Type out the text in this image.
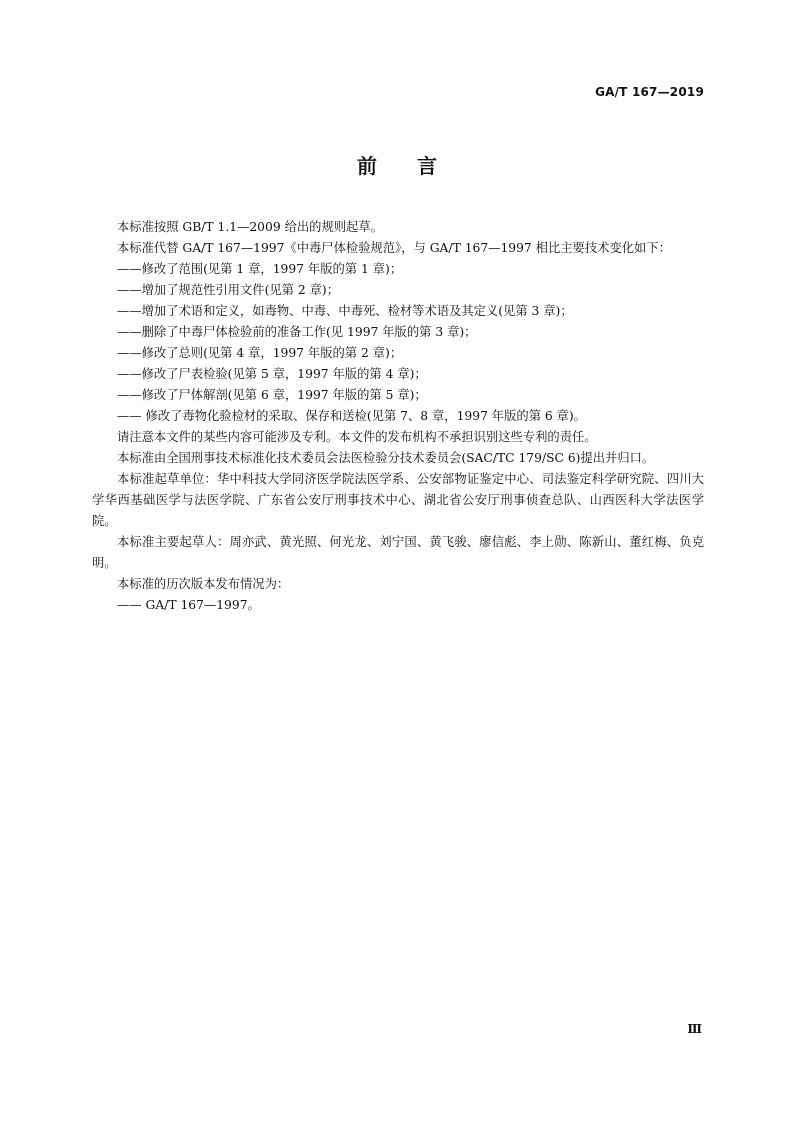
GA/T 167—2019
前言

本标准按照 GB/T 1.1—2009 给出的规则起草。

本标准代替 GA/T 167—1997《中毒尸体检验规范》，与 GA/T 167—1997 相比主要技术变化如下：

——修改了范围(见第 1 章，1997 年版的第 1 章)；

——增加了规范性引用文件(见第 2 章)；

——增加了术语和定义，如毒物、中毒、中毒死、检材等术语及其定义(见第 3 章)；

——删除了中毒尸体检验前的准备工作(见 1997 年版的第 3 章)；

——修改了总则(见第 4 章，1997 年版的第 2 章)；

——修改了尸表检验(见第 5 章，1997 年版的第 4 章)；

——修改了尸体解剖(见第 6 章，1997 年版的第 5 章)；

—— 修改了毒物化验检材的采取、保存和送检(见第 7、8 章，1997 年版的第 6 章)。

请注意本文件的某些内容可能涉及专利。本文件的发布机构不承担识别这些专利的责任。

本标准由全国刑事技术标准化技术委员会法医检验分技术委员会(SAC/TC 179/SC 6)提出并归口。

本标准起草单位：华中科技大学同济医学院法医学系、公安部物证鉴定中心、司法鉴定科学研究院、四川大学华西基础医学与法医学院、广东省公安厅刑事技术中心、湖北省公安厅刑事侦查总队、山西医科大学法医学院。

本标准主要起草人：周亦武、黄光照、何光龙、刘宁国、黄飞骏、廖信彪、李上勋、陈新山、董红梅、负克明。

本标准的历次版本发布情况为：

—— GA/T 167—1997。

Ⅲ
